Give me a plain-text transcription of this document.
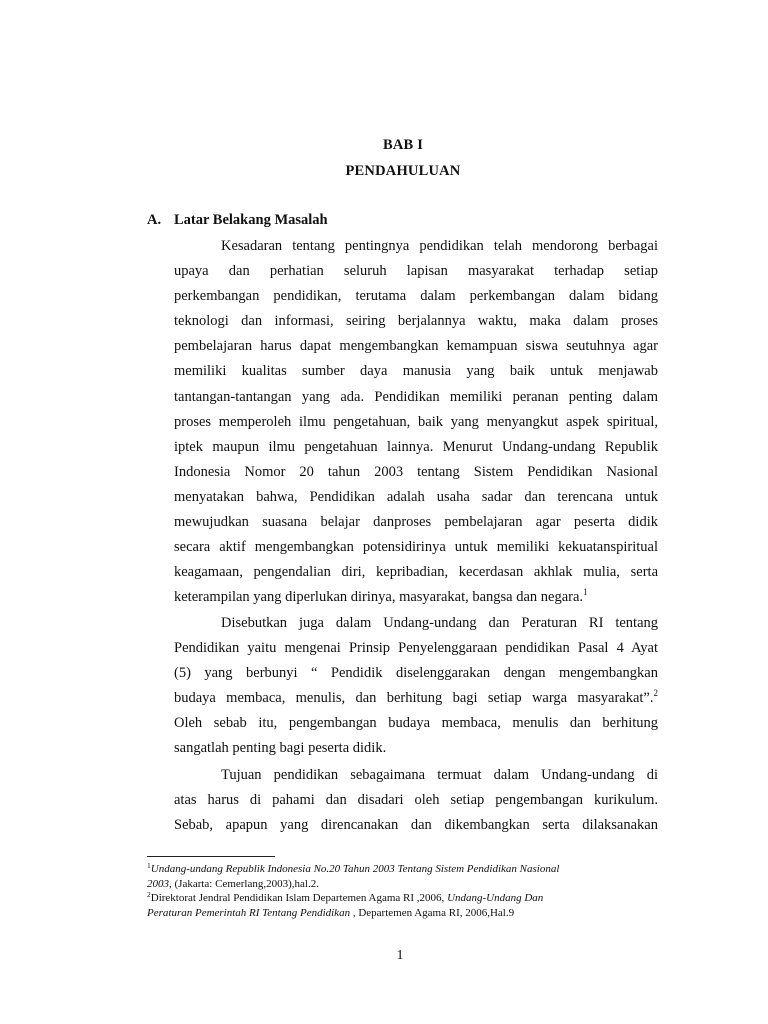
BAB I
PENDAHULUAN
A. Latar Belakang Masalah
Kesadaran tentang pentingnya pendidikan telah mendorong berbagai
upaya dan perhatian seluruh lapisan masyarakat terhadap setiap
perkembangan pendidikan, terutama dalam perkembangan dalam bidang
teknologi dan informasi, seiring berjalannya waktu, maka dalam proses
pembelajaran harus dapat mengembangkan kemampuan siswa seutuhnya agar
memiliki kualitas sumber daya manusia yang baik untuk menjawab
tantangan-tantangan yang ada. Pendidikan memiliki peranan penting dalam
proses memperoleh ilmu pengetahuan, baik yang menyangkut aspek spiritual,
iptek maupun ilmu pengetahuan lainnya. Menurut Undang-undang Republik
Indonesia Nomor 20 tahun 2003 tentang Sistem Pendidikan Nasional
menyatakan bahwa, Pendidikan adalah usaha sadar dan terencana untuk
mewujudkan suasana belajar danproses pembelajaran agar peserta didik
secara aktif mengembangkan potensidirinya untuk memiliki kekuatanspiritual
keagamaan, pengendalian diri, kepribadian, kecerdasan akhlak mulia, serta
keterampilan yang diperlukan dirinya, masyarakat, bangsa dan negara.$^1$
Disebutkan juga dalam Undang-undang dan Peraturan RI tentang
Pendidikan yaitu mengenai Prinsip Penyelenggaraan pendidikan Pasal 4 Ayat
(5) yang berbunyi “ Pendidik diselenggarakan dengan mengembangkan
budaya membaca, menulis, dan berhitung bagi setiap warga masyarakat”.$^2$
Oleh sebab itu, pengembangan budaya membaca, menulis dan berhitung
sangatlah penting bagi peserta didik.
Tujuan pendidikan sebagaimana termuat dalam Undang-undang di
atas harus di pahami dan disadari oleh setiap pengembangan kurikulum.
Sebab, apapun yang direncanakan dan dikembangkan serta dilaksanakan
$^1$Undang-undang Republik Indonesia No.20 Tahun 2003 Tentang Sistem Pendidikan Nasional
2003, (Jakarta: Cemerlang,2003),hal.2.
$^2$Direktorat Jendral Pendidikan Islam Departemen Agama RI ,2006, Undang-Undang Dan
Peraturan Pemerintah RI Tentang Pendidikan , Departemen Agama RI, 2006,Hal.9
1
